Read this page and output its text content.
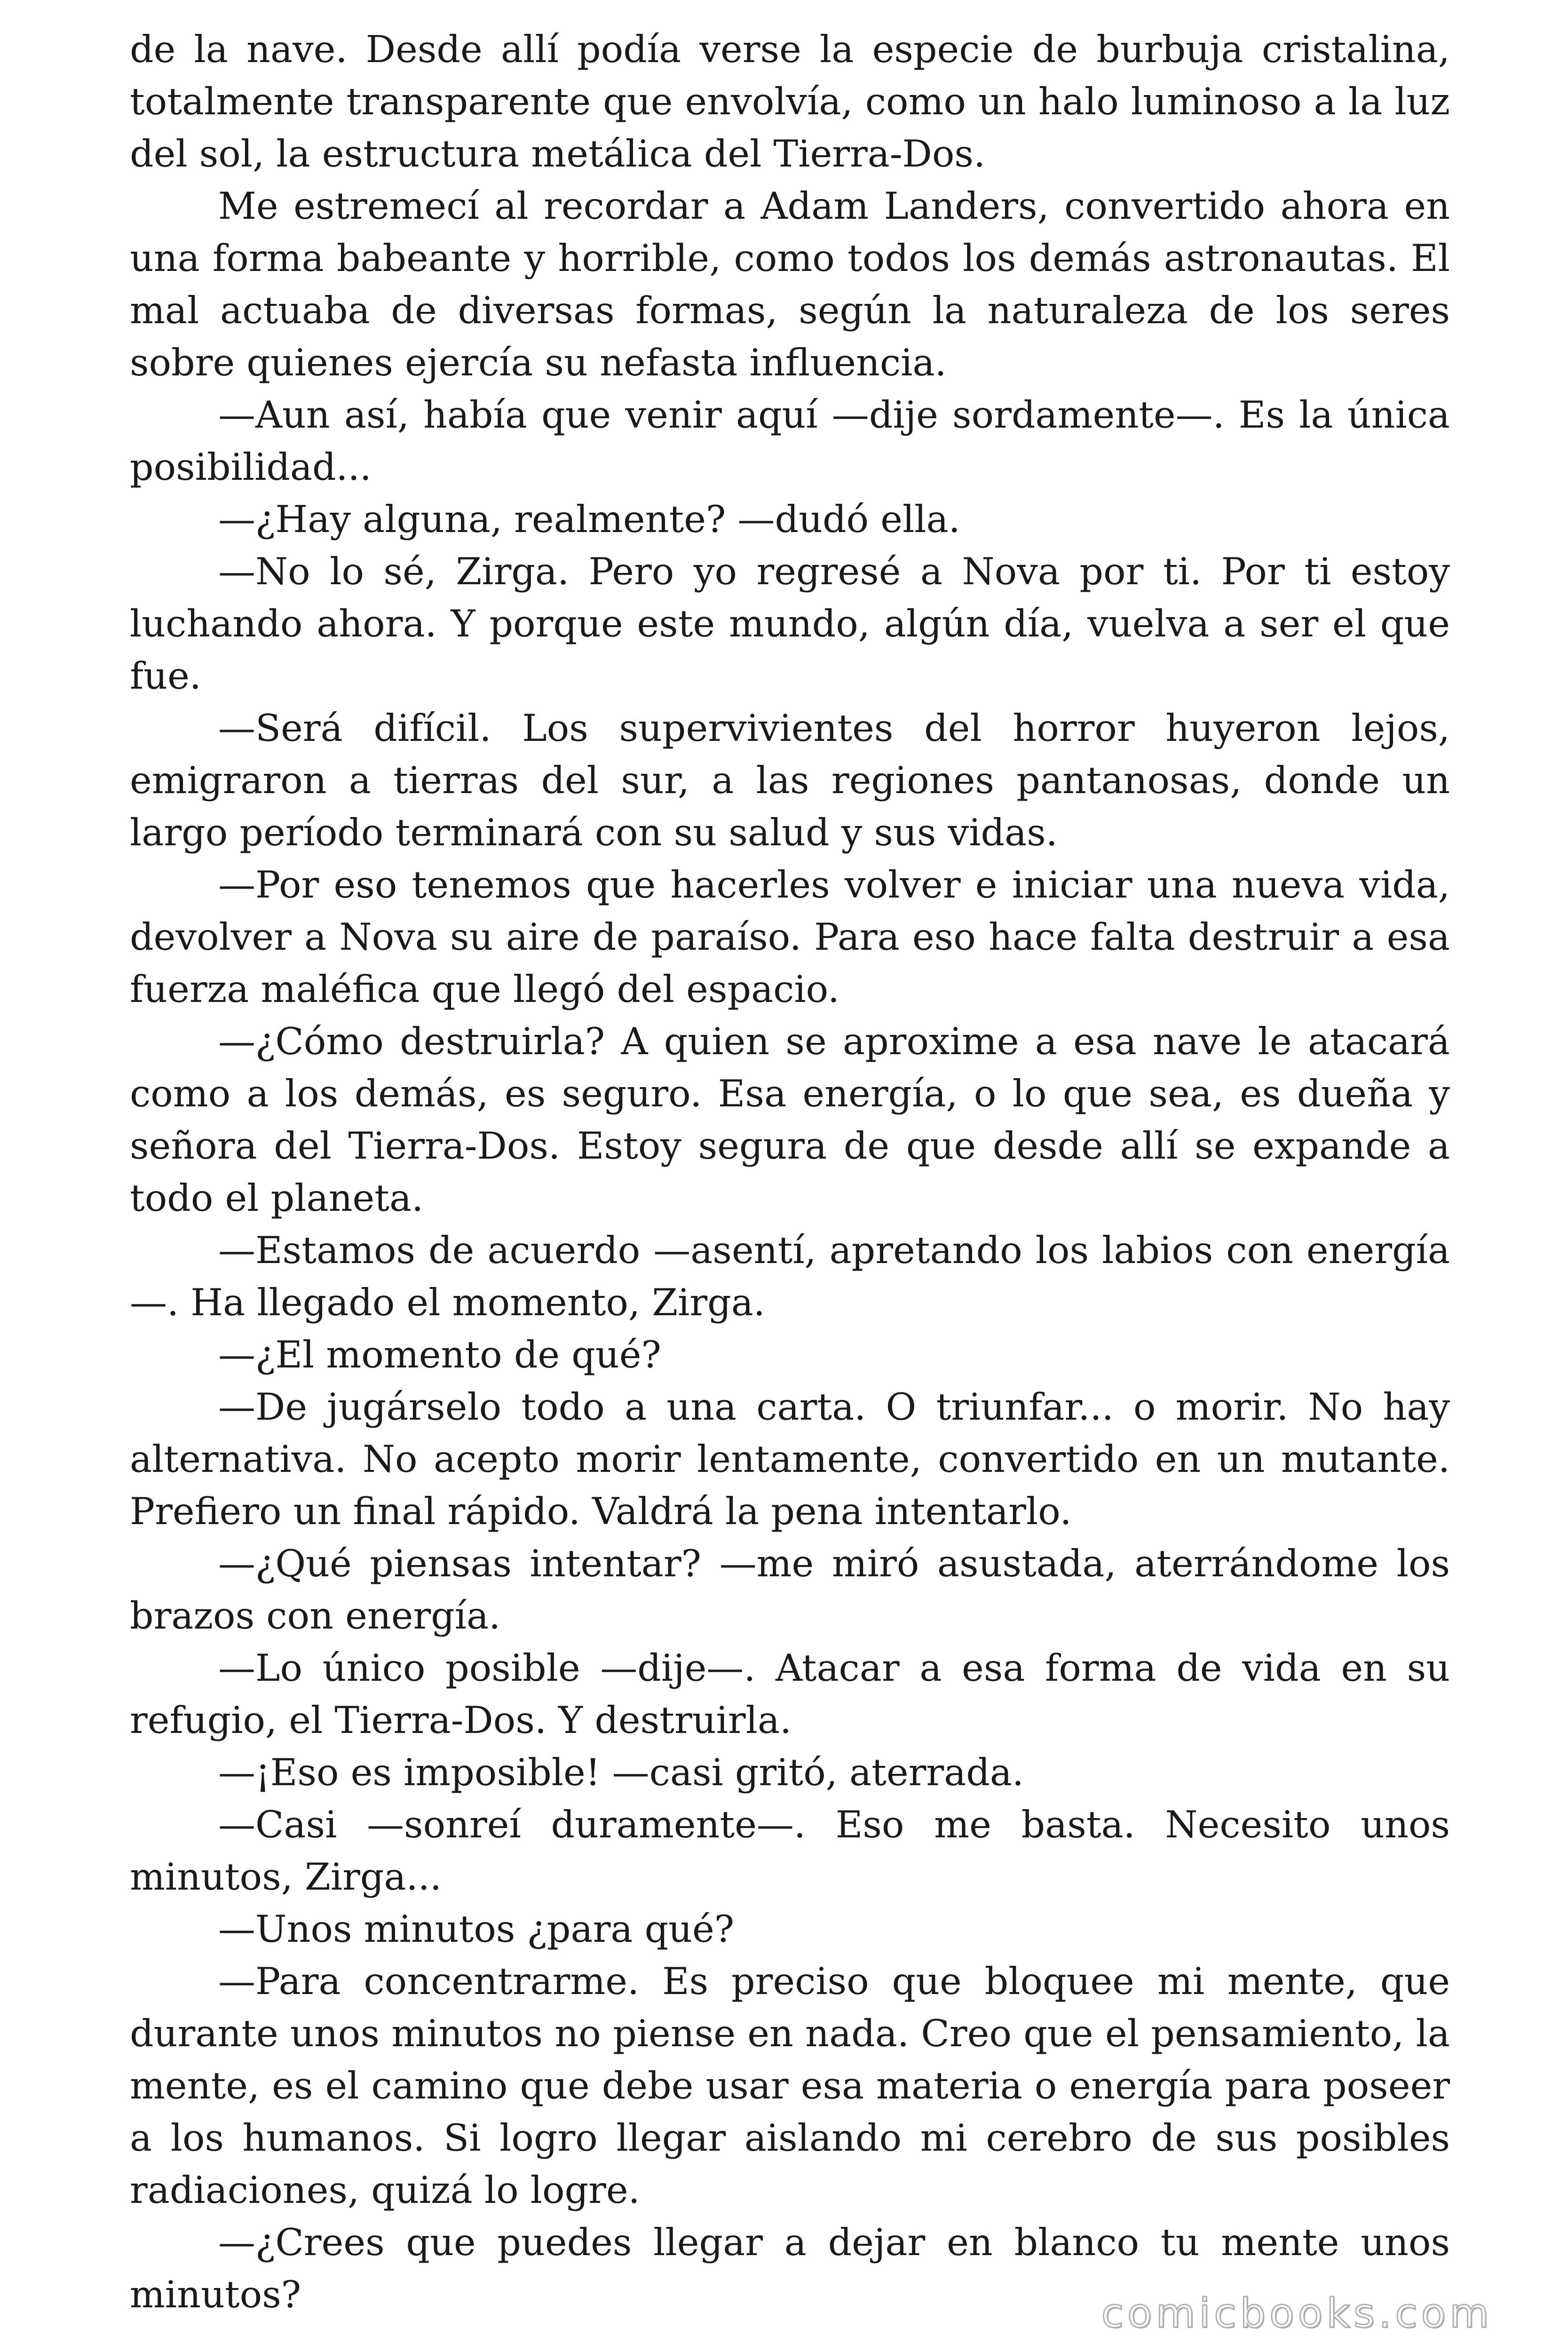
de la nave. Desde allí podía verse la especie de burbuja cristalina, totalmente transparente que envolvía, como un halo luminoso a la luz del sol, la estructura metálica del Tierra-Dos.

Me estremecí al recordar a Adam Landers, convertido ahora en una forma babeante y horrible, como todos los demás astronautas. El mal actuaba de diversas formas, según la naturaleza de los seres sobre quienes ejercía su nefasta influencia.

—Aun así, había que venir aquí —dije sordamente—. Es la única posibilidad...

—¿Hay alguna, realmente? —dudó ella.

—No lo sé, Zirga. Pero yo regresé a Nova por ti. Por ti estoy luchando ahora. Y porque este mundo, algún día, vuelva a ser el que fue.

—Será difícil. Los supervivientes del horror huyeron lejos, emigraron a tierras del sur, a las regiones pantanosas, donde un largo período terminará con su salud y sus vidas.

—Por eso tenemos que hacerles volver e iniciar una nueva vida, devolver a Nova su aire de paraíso. Para eso hace falta destruir a esa fuerza maléfica que llegó del espacio.

—¿Cómo destruirla? A quien se aproxime a esa nave le atacará como a los demás, es seguro. Esa energía, o lo que sea, es dueña y señora del Tierra-Dos. Estoy segura de que desde allí se expande a todo el planeta.

—Estamos de acuerdo —asentí, apretando los labios con energía—. Ha llegado el momento, Zirga.

—¿El momento de qué?

—De jugárselo todo a una carta. O triunfar... o morir. No hay alternativa. No acepto morir lentamente, convertido en un mutante. Prefiero un final rápido. Valdrá la pena intentarlo.

—¿Qué piensas intentar? —me miró asustada, aterrándome los brazos con energía.

—Lo único posible —dije—. Atacar a esa forma de vida en su refugio, el Tierra-Dos. Y destruirla.

—¡Eso es imposible! —casi gritó, aterrada.

—Casi —sonreí duramente—. Eso me basta. Necesito unos minutos, Zirga...

—Unos minutos ¿para qué?

—Para concentrarme. Es preciso que bloquee mi mente, que durante unos minutos no piense en nada. Creo que el pensamiento, la mente, es el camino que debe usar esa materia o energía para poseer a los humanos. Si logro llegar aislando mi cerebro de sus posibles radiaciones, quizá lo logre.

—¿Crees que puedes llegar a dejar en blanco tu mente unos minutos?	comicbooks.com
